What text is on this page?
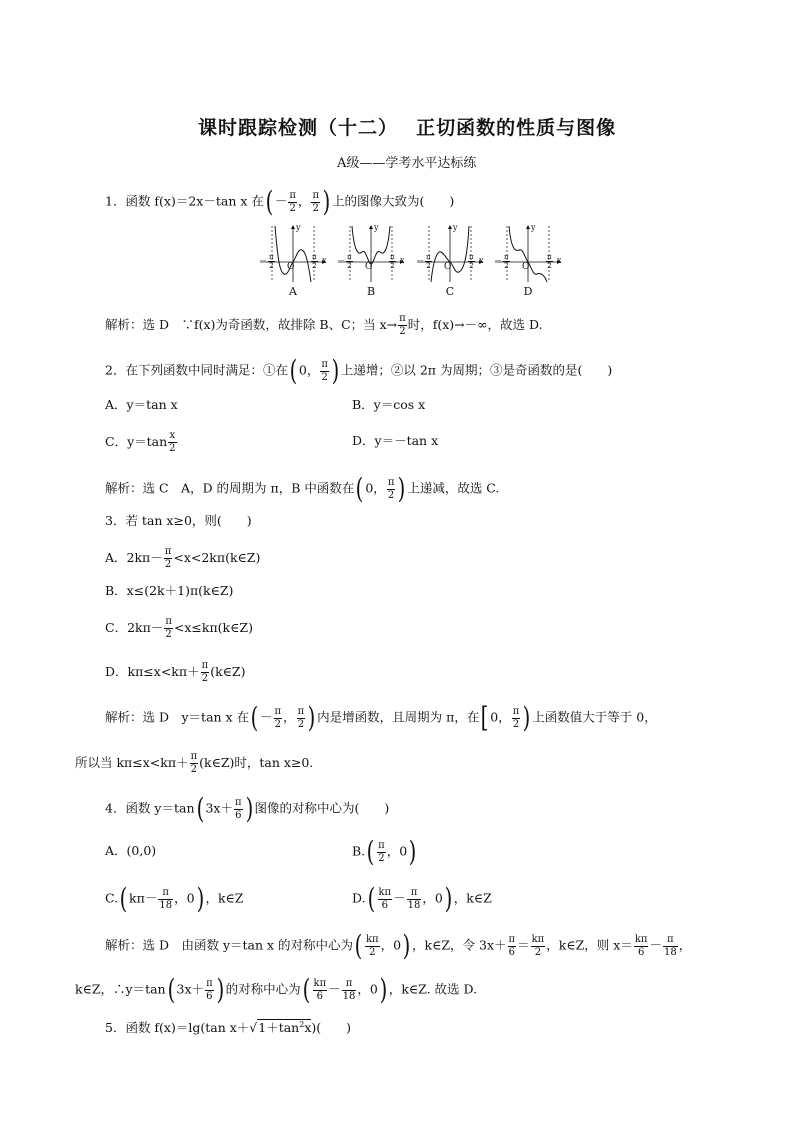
课时跟踪检测（十二）　 正切函数的性质与图像
A级——学考水平达标练
1．函数 f(x)＝2x－tan x 在( － $\frac{\pi}{2}$ ， $\frac{\pi}{2}$ ) 上的图像大致为(　　)
－ $\frac{\pi}{2}$	$\frac{\pi}{2}$
y
x
O
A
－ $\frac{\pi}{2}$	$\frac{\pi}{2}$
y
x
O
B
－ $\frac{\pi}{2}$	$\frac{\pi}{2}$
y
x
O
C
－ $\frac{\pi}{2}$	$\frac{\pi}{2}$
y
x
O
D
解析：选 D　∵f(x)为奇函数，故排除 B、C；当 $x\to \frac{\pi}{2}$ 时，f(x)→－∞，故选 D.
2．在下列函数中同时满足：①在( 0， $\frac{\pi}{2}$ ) 上递增；②以 2π 为周期；③是奇函数的是(　　)
A．y＝tan x	B．y＝cos x
C．$y=\tan \frac{x}{2}$	D．y＝－tan x
解析：选 C　A，D 的周期为 π，B 中函数在( 0， $\frac{\pi}{2}$ ) 上递减，故选 C.
3．若 tan x≥0，则(　　)
A．$2k\pi- \frac{\pi}{2}$ <x<2kπ(k∈Z)
B．x≤(2k＋1)π(k∈Z)
C．$2k\pi- \frac{\pi}{2}$ <x≤kπ(k∈Z)
D．$k\pi\le x<k\pi+ \frac{\pi}{2}$ (k∈Z)
解析：选 D　y＝tan x 在( － $\frac{\pi}{2}$ ， $\frac{\pi}{2}$ ) 内是增函数，且周期为 π，在[ 0， $\frac{\pi}{2}$ ) 上函数值大于等于 0，
所以当 $k\pi\le x<k\pi+ \frac{\pi}{2}$ (k∈Z)时，tan x≥0.
4．函数 y＝tan( $3x+ \frac{\pi}{6}$ ) 图像的对称中心为(　　)
A．(0,0)	$B.( \frac{\pi}{2}$ ，0)
C.( $k\pi- \frac{\pi}{18}$ ，0) ，k∈Z	$D.( \frac{k\pi}{6} - \frac{\pi}{18}$ ，0) ，k∈Z
解析：选 D　由函数 y＝tan x 的对称中心为( $\frac{k\pi}{2}$ ，0) ，k∈Z，令 $3x+ \frac{\pi}{6} = \frac{k\pi}{2}$ ，k∈Z，则 $x= \frac{k\pi}{6} - \frac{\pi}{18}$ ，
k∈Z，∴y＝tan( $3x+ \frac{\pi}{6}$ ) 的对称中心为( $\frac{k\pi}{6} - \frac{\pi}{18}$ ，0) ，k∈Z. 故选 D.
5．函数 f(x)＝lg(tan $x+√1+\tan^2x$)(　　)
